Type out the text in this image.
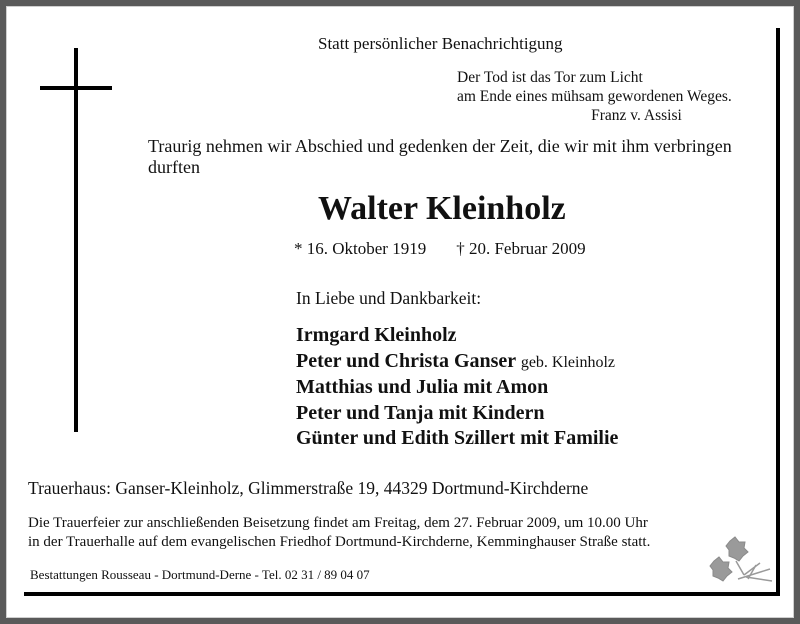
Statt persönlicher Benachrichtigung
Der Tod ist das Tor zum Licht
am Ende eines mühsam gewordenen Weges.
Franz v. Assisi
Traurig nehmen wir Abschied und gedenken der Zeit, die wir mit ihm verbringen durften
Walter Kleinholz
* 16. Oktober 1919 † 20. Februar 2009
In Liebe und Dankbarkeit:
Irmgard Kleinholz
Peter und Christa Ganser geb. Kleinholz
Matthias und Julia mit Amon
Peter und Tanja mit Kindern
Günter und Edith Szillert mit Familie
Trauerhaus: Ganser-Kleinholz, Glimmerstraße 19, 44329 Dortmund-Kirchderne
Die Trauerfeier zur anschließenden Beisetzung findet am Freitag, dem 27. Februar 2009, um 10.00 Uhr
in der Trauerhalle auf dem evangelischen Friedhof Dortmund-Kirchderne, Kemminghauser Straße statt.
Bestattungen Rousseau - Dortmund-Derne - Tel. 02 31 / 89 04 07
